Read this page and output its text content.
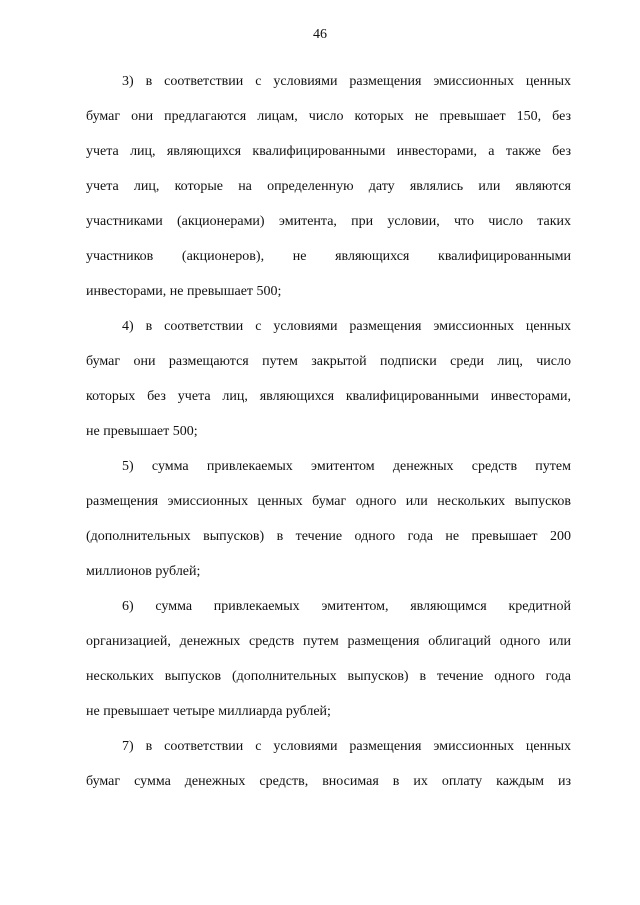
46
3) в соответствии с условиями размещения эмиссионных ценных
бумаг они предлагаются лицам, число которых не превышает 150, без
учета лиц, являющихся квалифицированными инвесторами, а также без
учета лиц, которые на определенную дату являлись или являются
участниками (акционерами) эмитента, при условии, что число таких
участников (акционеров), не являющихся квалифицированными
инвесторами, не превышает 500;
4) в соответствии с условиями размещения эмиссионных ценных
бумаг они размещаются путем закрытой подписки среди лиц, число
которых без учета лиц, являющихся квалифицированными инвесторами,
не превышает 500;
5) сумма привлекаемых эмитентом денежных средств путем
размещения эмиссионных ценных бумаг одного или нескольких выпусков
(дополнительных выпусков) в течение одного года не превышает 200
миллионов рублей;
6) сумма привлекаемых эмитентом, являющимся кредитной
организацией, денежных средств путем размещения облигаций одного или
нескольких выпусков (дополнительных выпусков) в течение одного года
не превышает четыре миллиарда рублей;
7) в соответствии с условиями размещения эмиссионных ценных
бумаг сумма денежных средств, вносимая в их оплату каждым из
